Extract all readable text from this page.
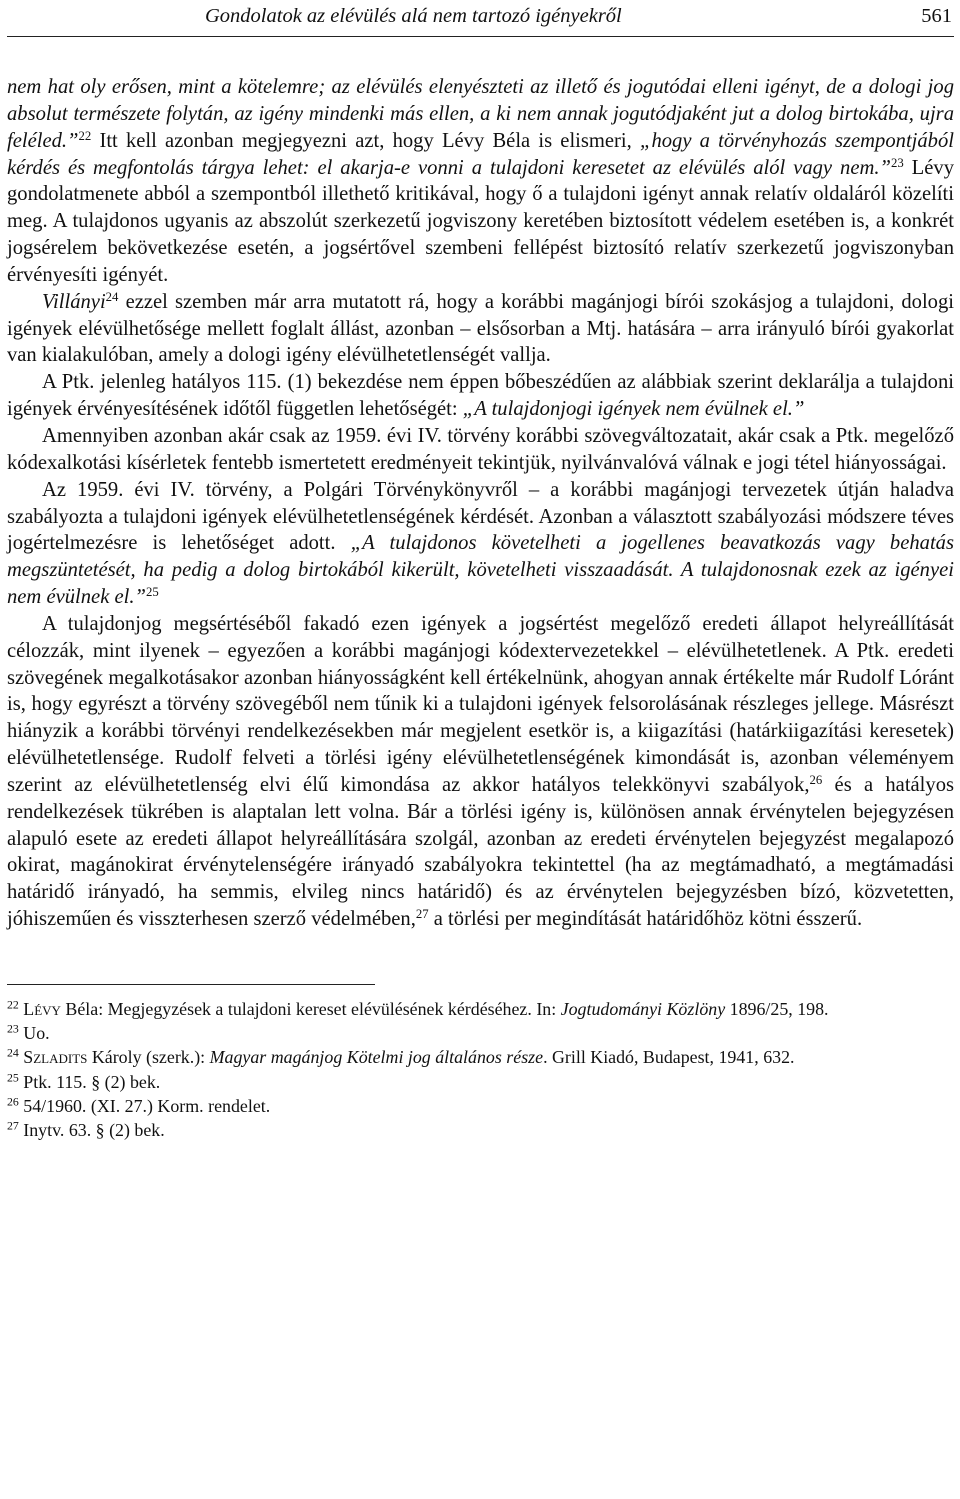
Gondolatok az elévülés alá nem tartozó igényekről	561

nem hat oly erősen, mint a kötelemre; az elévülés elenyészteti az illető és jogutódai elleni igényt, de a dologi jog absolut természete folytán, az igény mindenki más ellen, a ki nem annak jogutódjaként jut a dolog birtokába, ujra feléled.”$^{22}$ Itt kell azonban megjegyezni azt, hogy Lévy Béla is elismeri, „hogy a törvényhozás szempontjából kérdés és megfontolás tárgya lehet: el akarja-e vonni a tulajdoni keresetet az elévülés alól vagy nem.”$^{23}$ Lévy gondolatmenete abból a szempontból illethető kritikával, hogy ő a tulajdoni igényt annak relatív oldaláról közelíti meg. A tulajdonos ugyanis az abszolút szerkezetű jogviszony keretében biztosított védelem esetében is, a konkrét jogsérelem bekövetkezése esetén, a jogsértővel szembeni fellépést biztosító relatív szerkezetű jogviszonyban érvényesíti igényét.

Villányi$^{24}$ ezzel szemben már arra mutatott rá, hogy a korábbi magánjogi bírói szokásjog a tulajdoni, dologi igények elévülhetősége mellett foglalt állást, azonban – elsősorban a Mtj. hatására – arra irányuló bírói gyakorlat van kialakulóban, amely a dologi igény elévülhetetlenségét vallja.

A Ptk. jelenleg hatályos 115. (1) bekezdése nem éppen bőbeszédűen az alábbiak szerint deklarálja a tulajdoni igények érvényesítésének időtől független lehetőségét: „A tulajdonjogi igények nem évülnek el.”

Amennyiben azonban akár csak az 1959. évi IV. törvény korábbi szövegváltozatait, akár csak a Ptk. megelőző kódexalkotási kísérletek fentebb ismertetett eredményeit tekintjük, nyilvánvalóvá válnak e jogi tétel hiányosságai.

Az 1959. évi IV. törvény, a Polgári Törvénykönyvről – a korábbi magánjogi tervezetek útján haladva szabályozta a tulajdoni igények elévülhetetlenségének kérdését. Azonban a választott szabályozási módszere téves jogértelmezésre is lehetőséget adott. „A tulajdonos követelheti a jogellenes beavatkozás vagy behatás megszüntetését, ha pedig a dolog birtokából kikerült, követelheti visszaadását. A tulajdonosnak ezek az igényei nem évülnek el.”$^{25}$

A tulajdonjog megsértéséből fakadó ezen igények a jogsértést megelőző eredeti állapot helyreállítását célozzák, mint ilyenek – egyezően a korábbi magánjogi kódextervezetekkel – elévülhetetlenek. A Ptk. eredeti szövegének megalkotásakor azonban hiányosságként kell értékelnünk, ahogyan annak értékelte már Rudolf Lóránt is, hogy egyrészt a törvény szövegéből nem tűnik ki a tulajdoni igények felsorolásának részleges jellege. Másrészt hiányzik a korábbi törvényi rendelkezésekben már megjelent esetkör is, a kiigazítási (határkiigazítási keresetek) elévülhetetlensége. Rudolf felveti a törlési igény elévülhetetlenségének kimondását is, azonban véleményem szerint az elévülhetetlenség elvi élű kimondása az akkor hatályos telekkönyvi szabályok,$^{26}$ és a hatályos rendelkezések tükrében is alaptalan lett volna. Bár a törlési igény is, különösen annak érvénytelen bejegyzésen alapuló esete az eredeti állapot helyreállítására szolgál, azonban az eredeti érvénytelen bejegyzést megalapozó okirat, magánokirat érvénytelenségére irányadó szabályokra tekintettel (ha az megtámadható, a megtámadási határidő irányadó, ha semmis, elvileg nincs határidő) és az érvénytelen bejegyzésben bízó, közvetetten, jóhiszeműen és visszterhesen szerző védelmében,$^{27}$ a törlési per megindítását határidőhöz kötni ésszerű.

$^{22}$ Lévy Béla: Megjegyzések a tulajdoni kereset elévülésének kérdéséhez. In: Jogtudományi Közlöny 1896/25, 198.

$^{23}$ Uo.

$^{24}$ Szladits Károly (szerk.): Magyar magánjog Kötelmi jog általános része. Grill Kiadó, Budapest, 1941, 632.

$^{25}$ Ptk. 115. § (2) bek.

$^{26}$ 54/1960. (XI. 27.) Korm. rendelet.

$^{27}$ Inytv. 63. § (2) bek.
